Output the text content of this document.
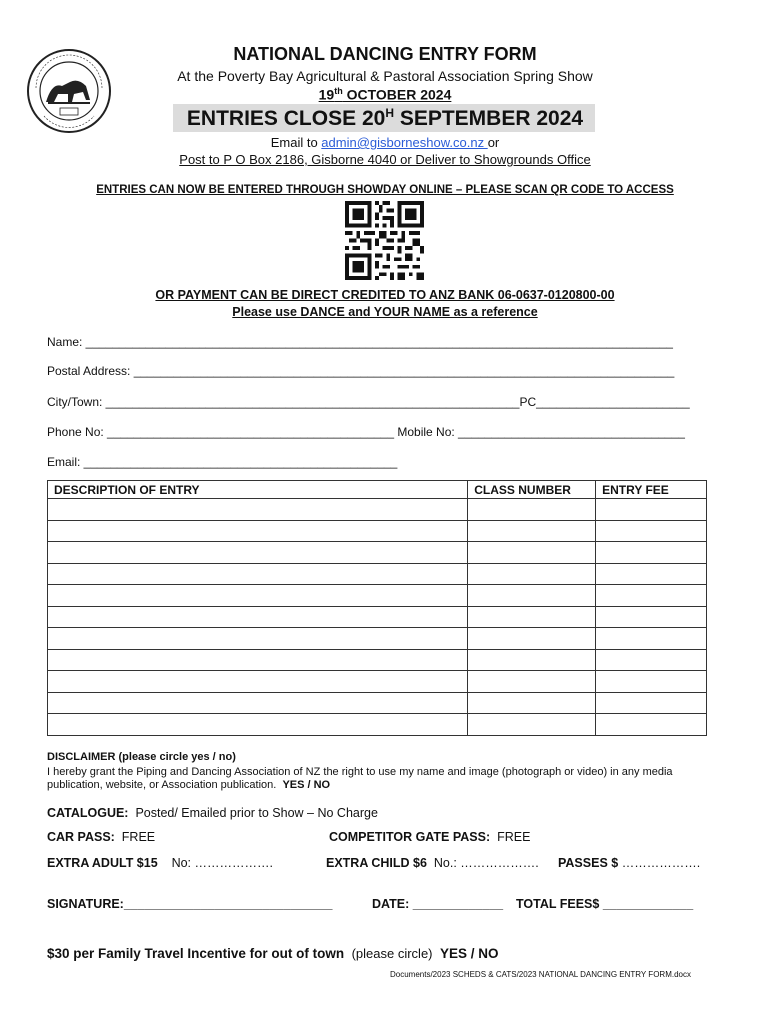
NATIONAL DANCING ENTRY FORM
At the Poverty Bay Agricultural & Pastoral Association Spring Show
19th OCTOBER 2024
ENTRIES CLOSE $20^H$ SEPTEMBER 2024
Email to admin@gisborneshow.co.nz or
Post to P O Box 2186, Gisborne 4040 or Deliver to Showgrounds Office
ENTRIES CAN NOW BE ENTERED THROUGH SHOWDAY ONLINE – PLEASE SCAN QR CODE TO ACCESS
OR PAYMENT CAN BE DIRECT CREDITED TO ANZ BANK 06-0637-0120800-00
Please use DANCE and YOUR NAME as a reference
Name: ________________________________________________________________________________________
Postal Address: _________________________________________________________________________________
City/Town: ______________________________________________________________PC_______________________
Phone No: ___________________________________________ Mobile No: __________________________________
Email: _______________________________________________
DESCRIPTION OF ENTRY	CLASS NUMBER	ENTRY FEE

DISCLAIMER (please circle yes / no)
I hereby grant the Piping and Dancing Association of NZ the right to use my name and image (photograph or video) in any media publication, website, or Association publication. YES / NO
CATALOGUE: Posted/ Emailed prior to Show – No Charge
CAR PASS: FREE	COMPETITOR GATE PASS: FREE
EXTRA ADULT $15 No: ……………….	EXTRA CHILD $6 No.: ………………. PASSES $ ……………….
SIGNATURE:______________________________	DATE: _____________ TOTAL FEES$ _____________
$30 per Family Travel Incentive for out of town (please circle) YES / NO
Documents/2023 SCHEDS & CATS/2023 NATIONAL DANCING ENTRY FORM.docx
